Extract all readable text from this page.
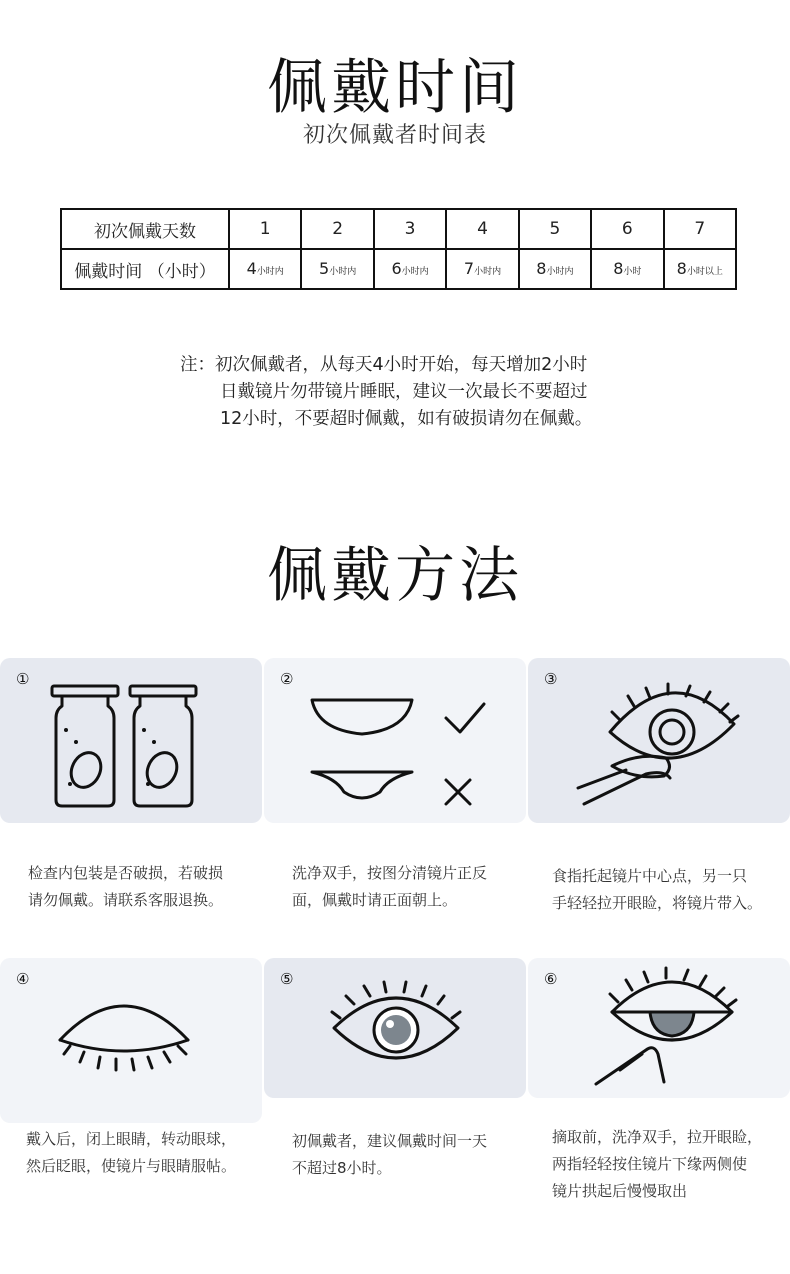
佩戴时间
初次佩戴者时间表
初次佩戴天数	1	2	3	4	5	6	7
佩戴时间 （小时）	4小时内	5小时内	6小时内	7小时内	8小时内	8小时	8小时以上
注：初次佩戴者，从每天4小时开始，每天增加2小时
日戴镜片勿带镜片睡眠，建议一次最长不要超过
12小时，不要超时佩戴，如有破损请勿在佩戴。
佩戴方法
①
检查内包装是否破损，若破损
请勿佩戴。请联系客服退换。
②
洗净双手，按图分清镜片正反
面，佩戴时请正面朝上。
③
食指托起镜片中心点，另一只
手轻轻拉开眼睑，将镜片带入。
④
戴入后，闭上眼睛，转动眼球，
然后眨眼，使镜片与眼睛服帖。
⑤
初佩戴者，建议佩戴时间一天
不超过8小时。
⑥
摘取前，洗净双手，拉开眼睑，
两指轻轻按住镜片下缘两侧使
镜片拱起后慢慢取出
